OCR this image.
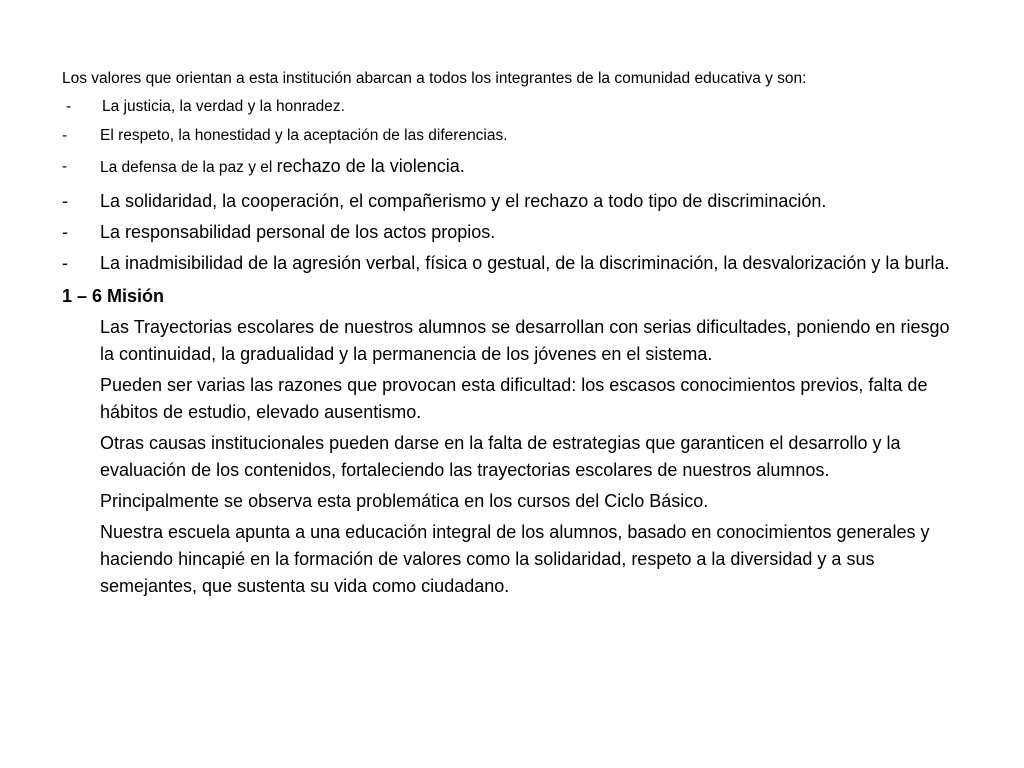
Los valores que orientan a esta institución abarcan a todos los integrantes de la comunidad educativa y son:

-	La justicia, la verdad y la honradez.
-	El respeto, la honestidad y la aceptación de las diferencias.
-	La defensa de la paz y el rechazo de la violencia.
-	La solidaridad, la cooperación, el compañerismo y el rechazo a todo tipo de discriminación.
-	La responsabilidad personal de los actos propios.
-	La inadmisibilidad de la agresión verbal, física o gestual, de la discriminación, la desvalorización y la burla.
1 – 6 Misión

Las Trayectorias escolares de nuestros alumnos se desarrollan con serias dificultades, poniendo en riesgo la continuidad, la gradualidad y la permanencia de los jóvenes en el sistema.

Pueden ser varias las razones que provocan esta dificultad: los escasos conocimientos previos, falta de hábitos de estudio, elevado ausentismo.

Otras causas institucionales pueden darse en la falta de estrategias que garanticen el desarrollo y la evaluación de los contenidos, fortaleciendo las trayectorias escolares de nuestros alumnos.

Principalmente se observa esta problemática en los cursos del Ciclo Básico.

Nuestra escuela apunta a una educación integral de los alumnos, basado en conocimientos generales y haciendo hincapié en la formación de valores como la solidaridad, respeto a la diversidad y a sus semejantes, que sustenta su vida como ciudadano.
